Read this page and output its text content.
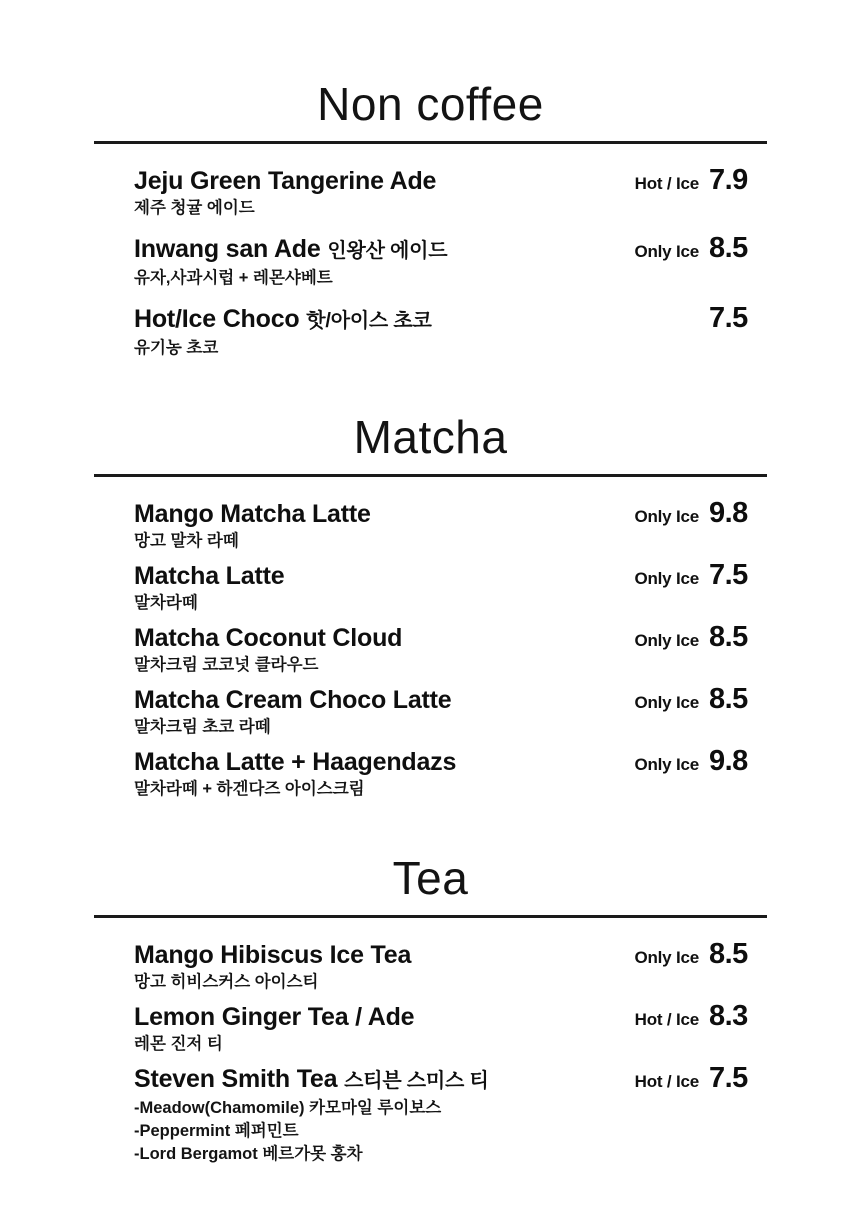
Non coffee
Jeju Green Tangerine Ade
제주 청귤 에이드
Hot / Ice 7.9
Inwang san Ade 인왕산 에이드
유자,사과시럽 + 레몬샤베트
Only Ice 8.5
Hot/Ice Choco 핫/아이스 초코
유기농 초코
7.5
Matcha
Mango Matcha Latte
망고 말차 라떼
Only Ice 9.8
Matcha Latte
말차라떼
Only Ice 7.5
Matcha Coconut Cloud
말차크림 코코넛 클라우드
Only Ice 8.5
Matcha Cream Choco Latte
말차크림 초코 라떼
Only Ice 8.5
Matcha Latte + Haagendazs
말차라떼 + 하겐다즈 아이스크림
Only Ice 9.8
Tea
Mango Hibiscus Ice Tea
망고 히비스커스 아이스티
Only Ice 8.5
Lemon Ginger Tea / Ade
레몬 진저 티
Hot / Ice 8.3
Steven Smith Tea 스티븐 스미스 티
-Meadow(Chamomile) 카모마일 루이보스
-Peppermint 페퍼민트
-Lord Bergamot 베르가못 홍차
Hot / Ice 7.5
